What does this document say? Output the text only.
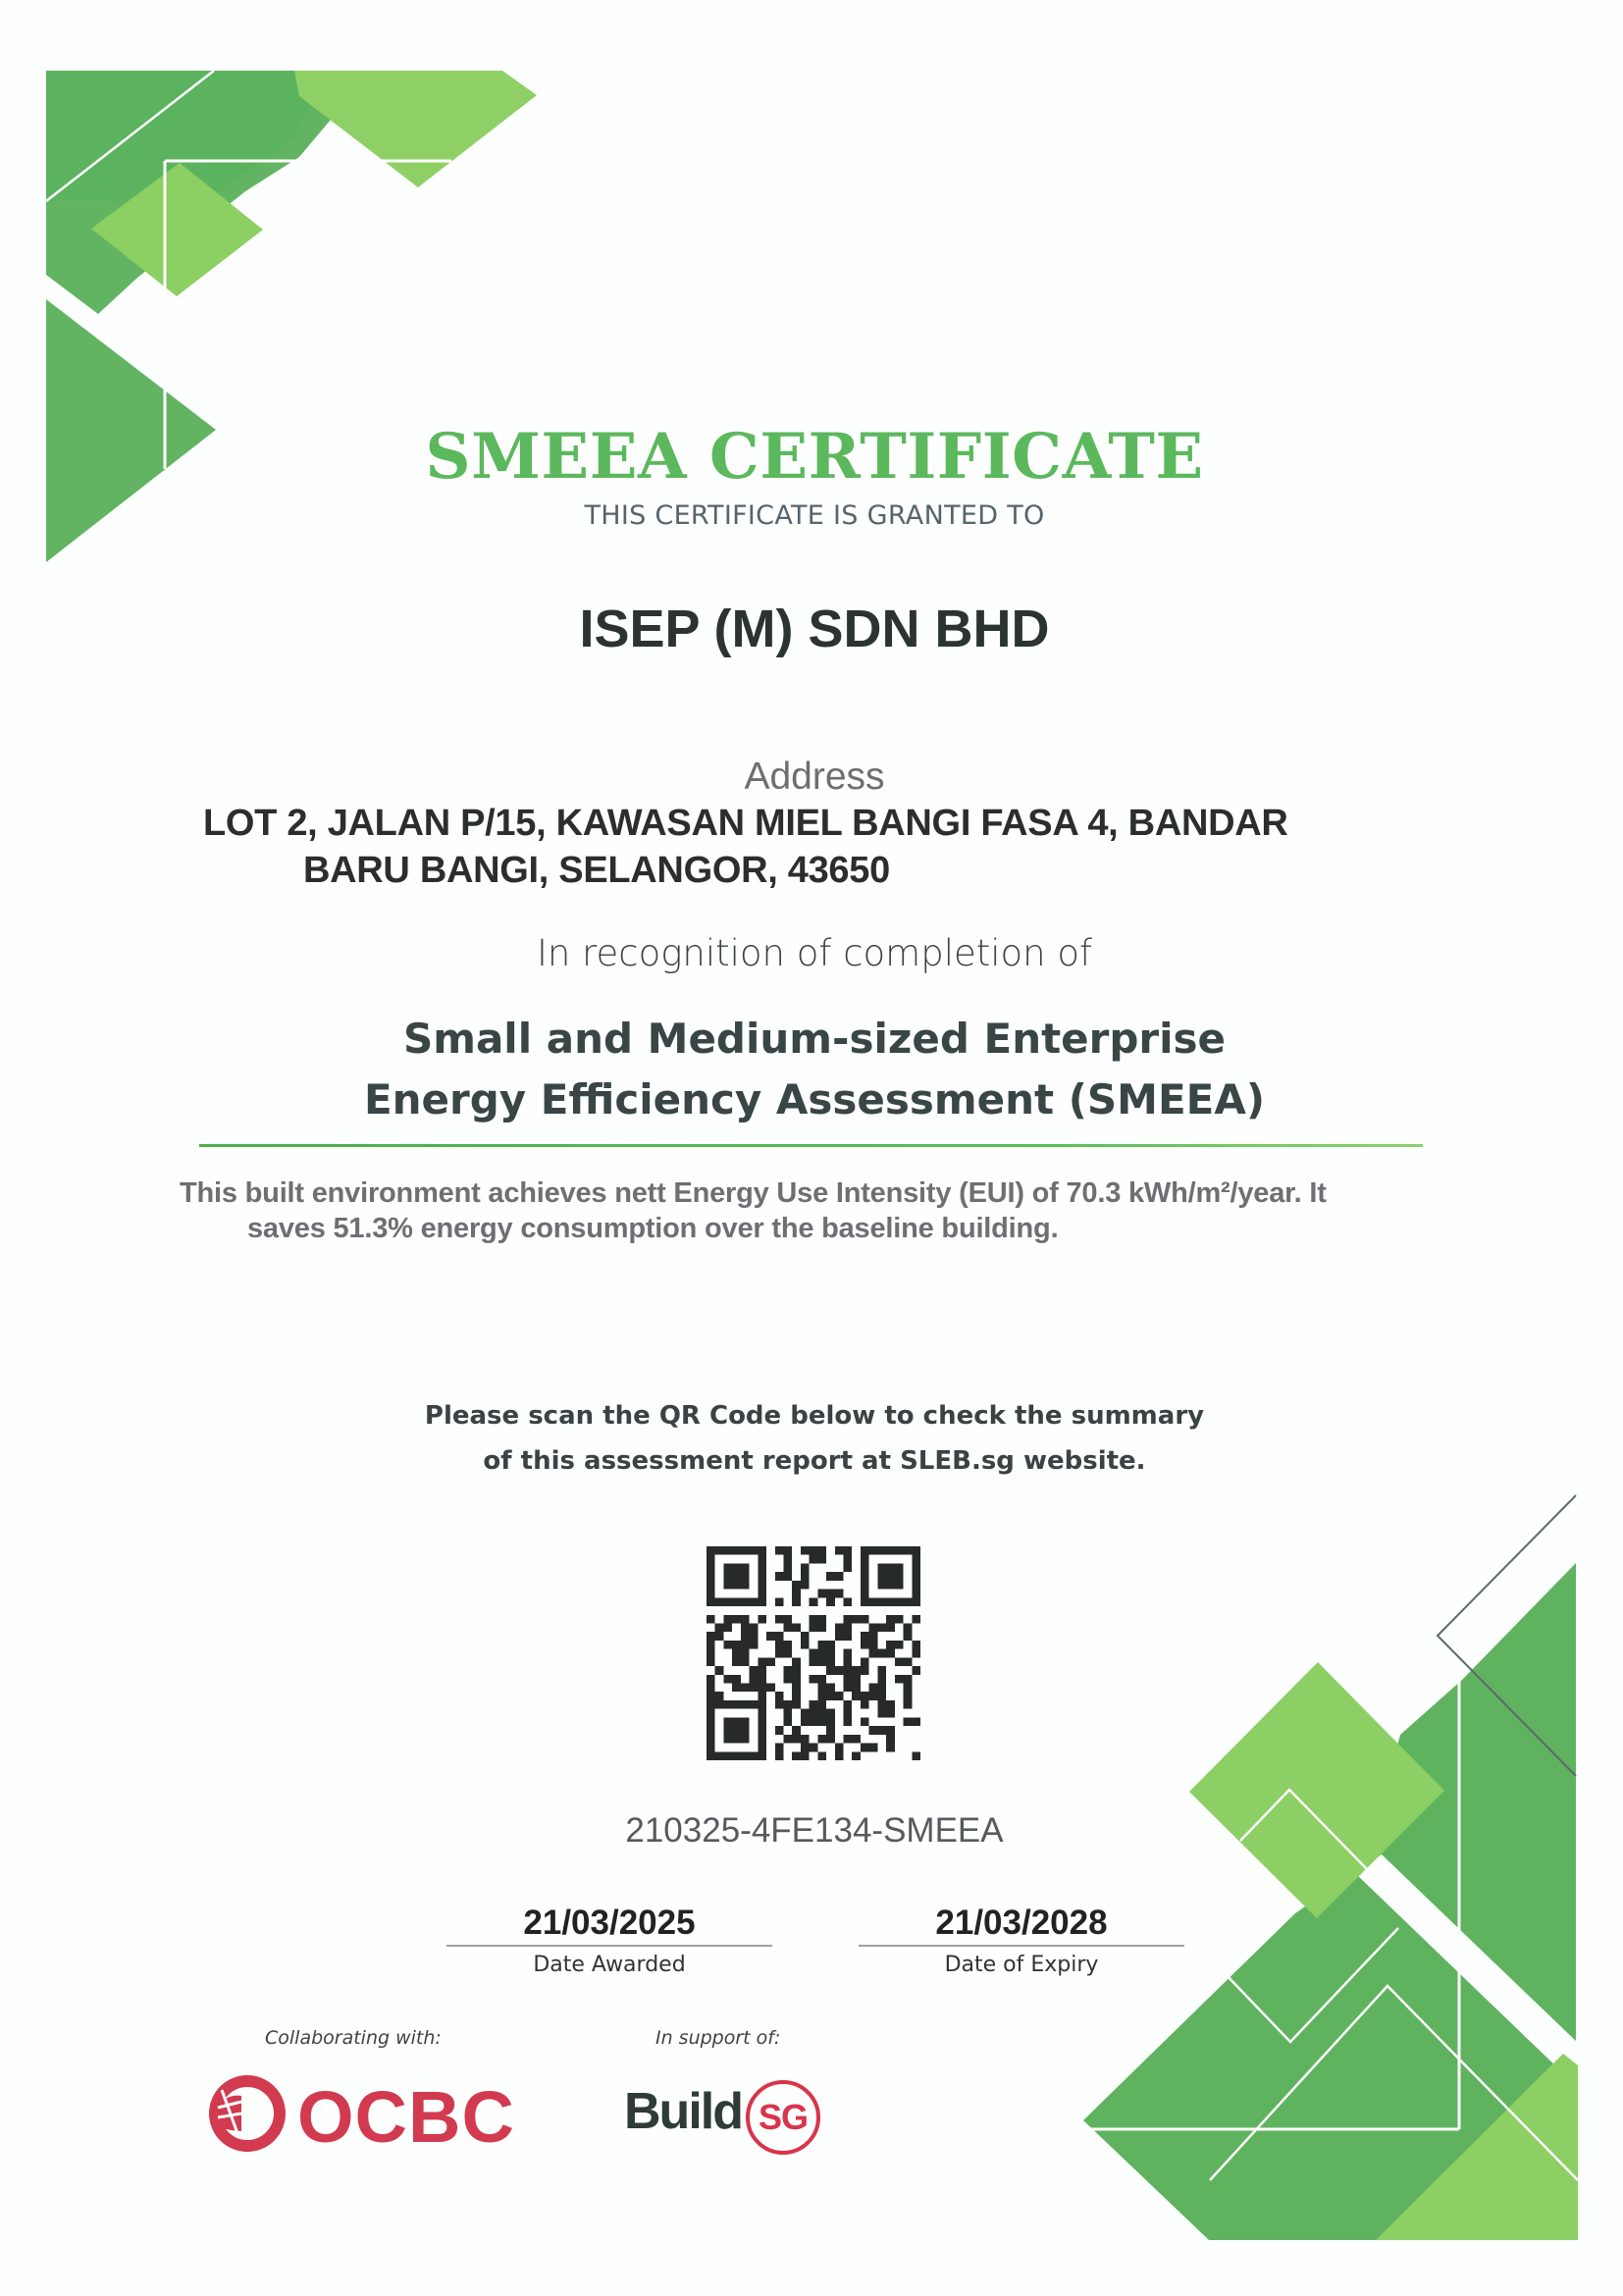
SMEEA CERTIFICATE
THIS CERTIFICATE IS GRANTED TO
ISEP (M) SDN BHD
Address
LOT 2, JALAN P/15, KAWASAN MIEL BANGI FASA 4, BANDAR
BARU BANGI, SELANGOR, 43650
In recognition of completion of
Small and Medium-sized Enterprise
Energy Efficiency Assessment (SMEEA)
This built environment achieves nett Energy Use Intensity (EUI) of 70.3 kWh/m²/year. It
saves 51.3% energy consumption over the baseline building.
Please scan the QR Code below to check the summary
of this assessment report at SLEB.sg website.
210325-4FE134-SMEEA
21/03/2025
Date Awarded
21/03/2028
Date of Expiry
Collaborating with:	In support of:
OCBC Build SG
